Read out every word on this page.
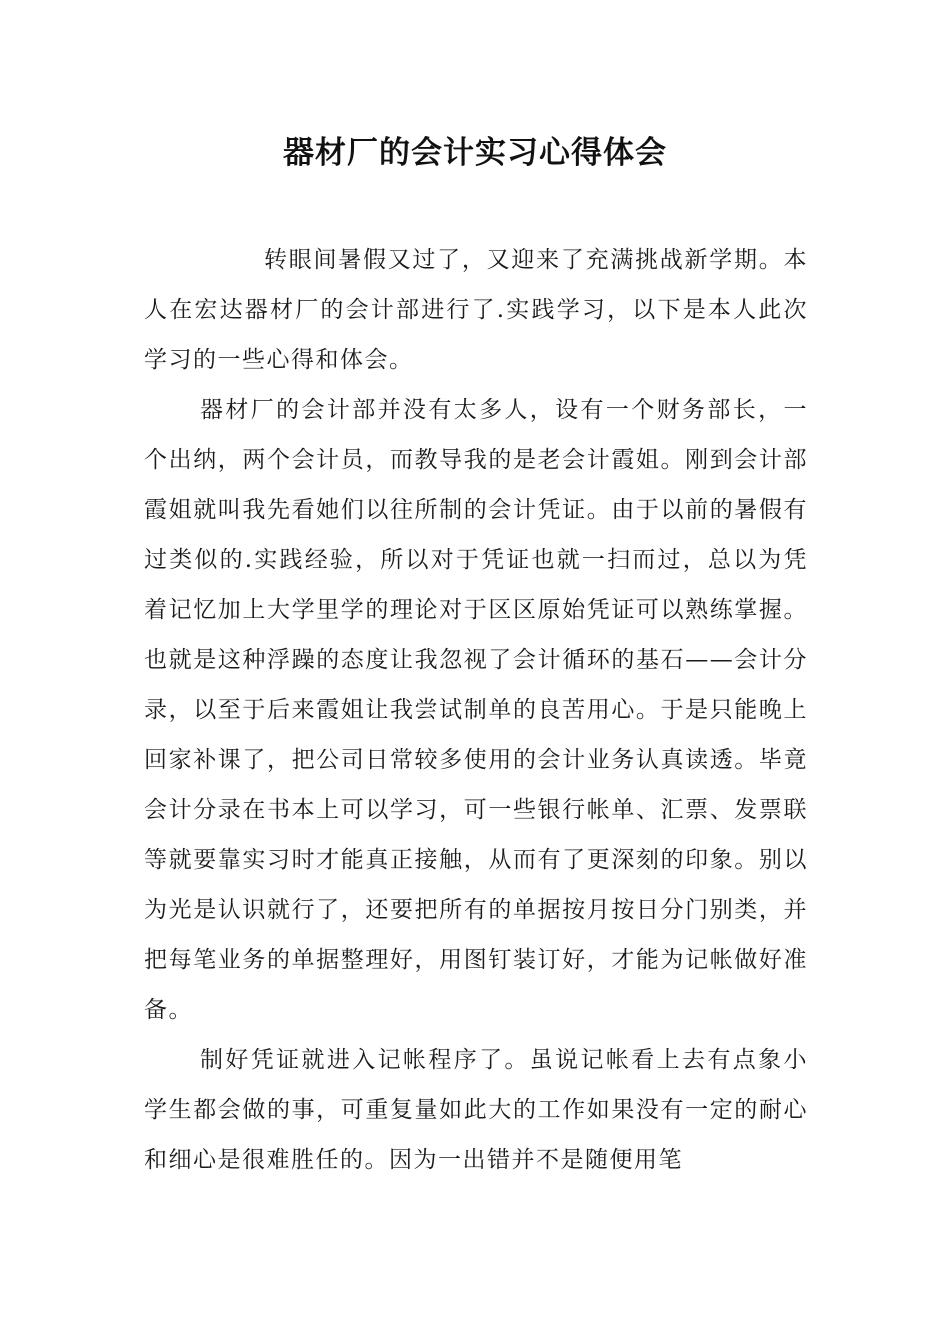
器材厂的会计实习心得体会

转眼间暑假又过了，又迎来了充满挑战新学期。本人在宏达器材厂的会计部进行了.实践学习，以下是本人此次学习的一些心得和体会。

器材厂的会计部并没有太多人，设有一个财务部长，一个出纳，两个会计员，而教导我的是老会计霞姐。刚到会计部霞姐就叫我先看她们以往所制的会计凭证。由于以前的暑假有过类似的.实践经验，所以对于凭证也就一扫而过，总以为凭着记忆加上大学里学的理论对于区区原始凭证可以熟练掌握。也就是这种浮躁的态度让我忽视了会计循环的基石——会计分录，以至于后来霞姐让我尝试制单的良苦用心。于是只能晚上回家补课了，把公司日常较多使用的会计业务认真读透。毕竟会计分录在书本上可以学习，可一些银行帐单、汇票、发票联等就要靠实习时才能真正接触，从而有了更深刻的印象。别以为光是认识就行了，还要把所有的单据按月按日分门别类，并把每笔业务的单据整理好，用图钉装订好，才能为记帐做好准备。

制好凭证就进入记帐程序了。虽说记帐看上去有点象小学生都会做的事，可重复量如此大的工作如果没有一定的耐心和细心是很难胜任的。因为一出错并不是随便用笔
